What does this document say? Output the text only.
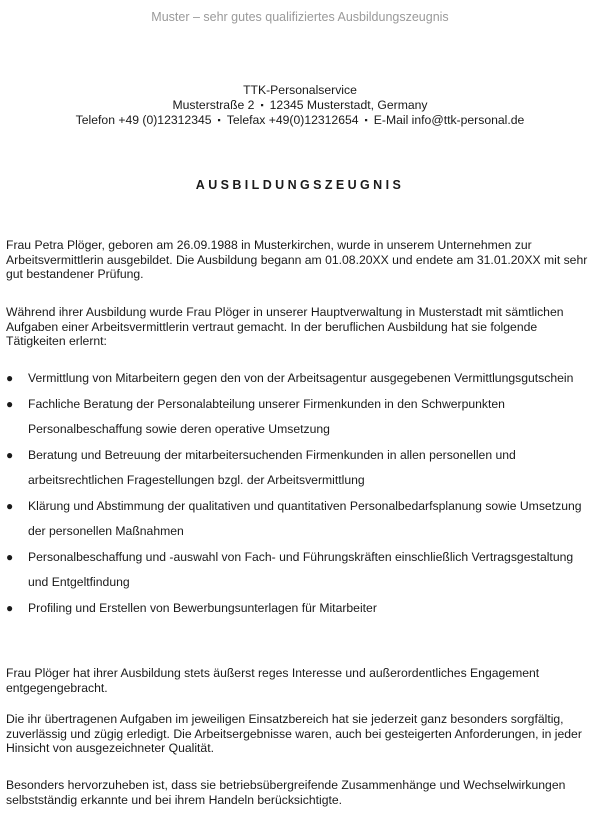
Muster – sehr gutes qualifiziertes Ausbildungszeugnis
TTK-Personalservice
Musterstraße 2 ▪ 12345 Musterstadt, Germany
Telefon +49 (0)12312345 ▪ Telefax +49(0)12312654 ▪ E-Mail info@ttk-personal.de
AUSBILDUNGSZEUGNIS

Frau Petra Plöger, geboren am 26.09.1988 in Musterkirchen, wurde in unserem Unternehmen zur Arbeitsvermittlerin ausgebildet. Die Ausbildung begann am 01.08.20XX und endete am 31.01.20XX mit sehr gut bestandener Prüfung.

Während ihrer Ausbildung wurde Frau Plöger in unserer Hauptverwaltung in Musterstadt mit sämtlichen Aufgaben einer Arbeitsvermittlerin vertraut gemacht. In der beruflichen Ausbildung hat sie folgende Tätigkeiten erlernt:

● Vermittlung von Mitarbeitern gegen den von der Arbeitsagentur ausgegebenen Vermittlungsgutschein
● Fachliche Beratung der Personalabteilung unserer Firmenkunden in den Schwerpunkten Personalbeschaffung sowie deren operative Umsetzung
● Beratung und Betreuung der mitarbeitersuchenden Firmenkunden in allen personellen und arbeitsrechtlichen Fragestellungen bzgl. der Arbeitsvermittlung
● Klärung und Abstimmung der qualitativen und quantitativen Personalbedarfsplanung sowie Umsetzung der personellen Maßnahmen
● Personalbeschaffung und -auswahl von Fach- und Führungskräften einschließlich Vertragsgestaltung und Entgeltfindung
● Profiling und Erstellen von Bewerbungsunterlagen für Mitarbeiter

Frau Plöger hat ihrer Ausbildung stets äußerst reges Interesse und außerordentliches Engagement entgegengebracht.

Die ihr übertragenen Aufgaben im jeweiligen Einsatzbereich hat sie jederzeit ganz besonders sorgfältig, zuverlässig und zügig erledigt. Die Arbeitsergebnisse waren, auch bei gesteigerten Anforderungen, in jeder Hinsicht von ausgezeichneter Qualität.

Besonders hervorzuheben ist, dass sie betriebsübergreifende Zusammenhänge und Wechselwirkungen selbstständig erkannte und bei ihrem Handeln berücksichtigte.
